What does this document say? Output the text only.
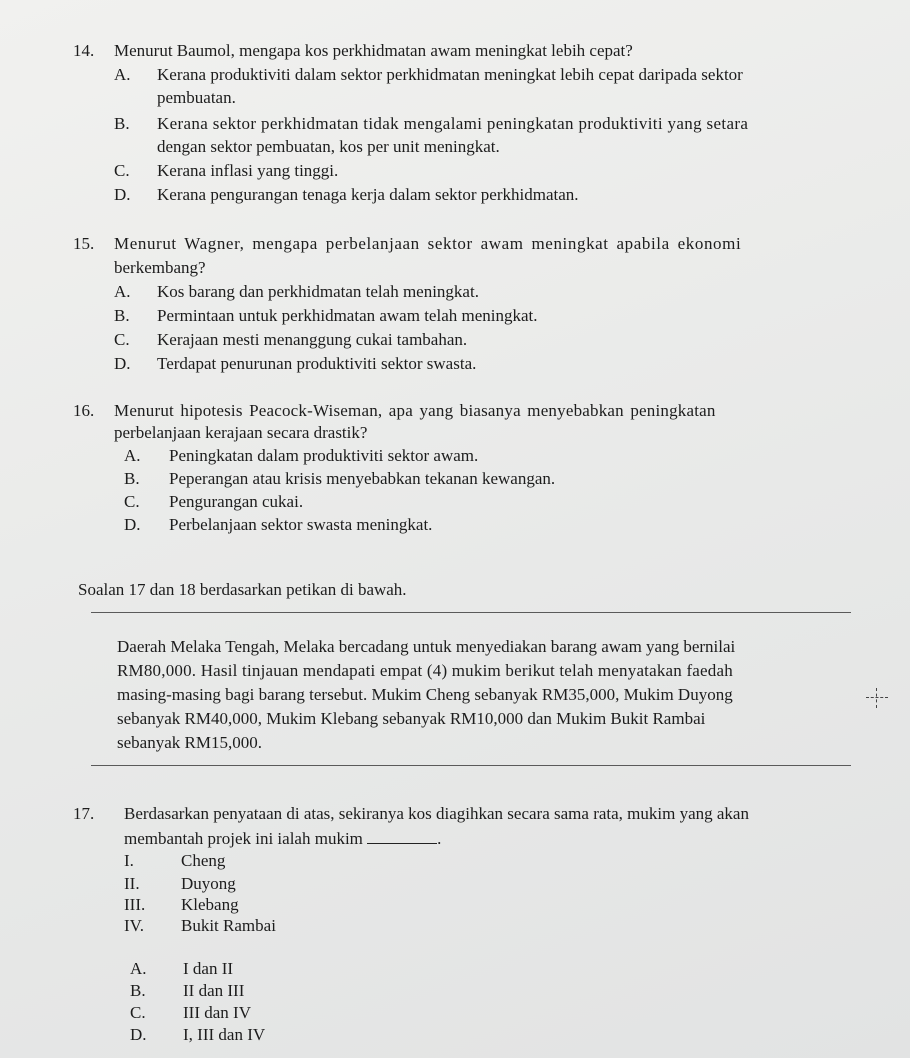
14. Menurut Baumol, mengapa kos perkhidmatan awam meningkat lebih cepat?
A. Kerana produktiviti dalam sektor perkhidmatan meningkat lebih cepat daripada sektor
pembuatan.
B. Kerana sektor perkhidmatan tidak mengalami peningkatan produktiviti yang setara
dengan sektor pembuatan, kos per unit meningkat.
C. Kerana inflasi yang tinggi.
D. Kerana pengurangan tenaga kerja dalam sektor perkhidmatan.
15. Menurut Wagner, mengapa perbelanjaan sektor awam meningkat apabila ekonomi
berkembang?
A. Kos barang dan perkhidmatan telah meningkat.
B. Permintaan untuk perkhidmatan awam telah meningkat.
C. Kerajaan mesti menanggung cukai tambahan.
D. Terdapat penurunan produktiviti sektor swasta.
16. Menurut hipotesis Peacock-Wiseman, apa yang biasanya menyebabkan peningkatan
perbelanjaan kerajaan secara drastik?
A. Peningkatan dalam produktiviti sektor awam.
B. Peperangan atau krisis menyebabkan tekanan kewangan.
C. Pengurangan cukai.
D. Perbelanjaan sektor swasta meningkat.
Soalan 17 dan 18 berdasarkan petikan di bawah.
Daerah Melaka Tengah, Melaka bercadang untuk menyediakan barang awam yang bernilai
RM80,000. Hasil tinjauan mendapati empat (4) mukim berikut telah menyatakan faedah
masing-masing bagi barang tersebut. Mukim Cheng sebanyak RM35,000, Mukim Duyong
sebanyak RM40,000, Mukim Klebang sebanyak RM10,000 dan Mukim Bukit Rambai
sebanyak RM15,000.
17. Berdasarkan penyataan di atas, sekiranya kos diagihkan secara sama rata, mukim yang akan
membantah projek ini ialah mukim	.
I.	Cheng
II. Duyong
III. Klebang
IV. Bukit Rambai
A. I dan II
B. II dan III
C. III dan IV
D. I, III dan IV
